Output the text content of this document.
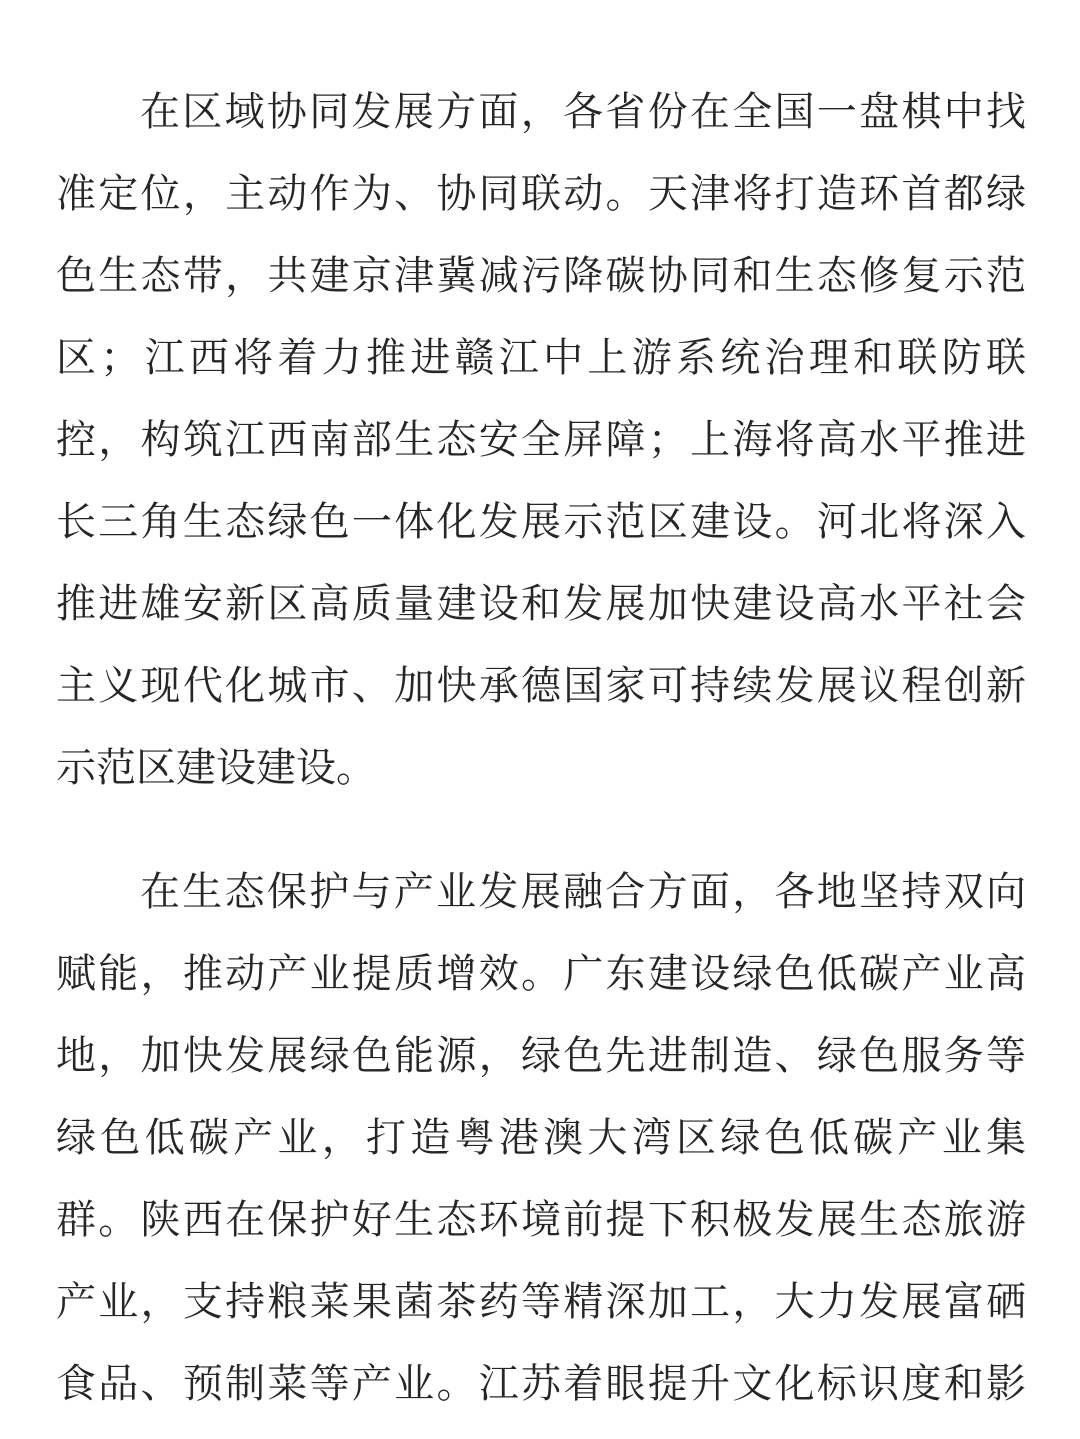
在区域协同发展方面，各省份在全国一盘棋中找
准定位，主动作为、协同联动。天津将打造环首都绿
色生态带，共建京津冀减污降碳协同和生态修复示范
区；江西将着力推进赣江中上游系统治理和联防联
控，构筑江西南部生态安全屏障；上海将高水平推进
长三角生态绿色一体化发展示范区建设。河北将深入
推进雄安新区高质量建设和发展加快建设高水平社会
主义现代化城市、加快承德国家可持续发展议程创新
示范区建设建设。
在生态保护与产业发展融合方面，各地坚持双向
赋能，推动产业提质增效。广东建设绿色低碳产业高
地，加快发展绿色能源，绿色先进制造、绿色服务等
绿色低碳产业，打造粤港澳大湾区绿色低碳产业集
群。陕西在保护好生态环境前提下积极发展生态旅游
产业，支持粮菜果菌茶药等精深加工，大力发展富硒
食品、预制菜等产业。江苏着眼提升文化标识度和影
